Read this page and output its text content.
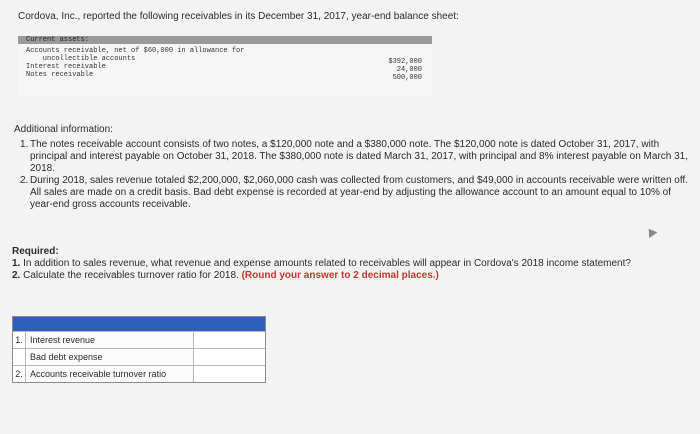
Cordova, Inc., reported the following receivables in its December 31, 2017, year-end balance sheet:
Current assets:
Accounts receivable, net of $60,000 in allowance for
uncollectible accounts
Interest receivable
Notes receivable
$392,000
24,000
500,000
Additional information:
1. The notes receivable account consists of two notes, a $120,000 note and a $380,000 note. The $120,000 note is dated October 31, 2017, with principal and interest payable on October 31, 2018. The $380,000 note is dated March 31, 2017, with principal and 8% interest payable on March 31, 2018.
2. During 2018, sales revenue totaled $2,200,000, $2,060,000 cash was collected from customers, and $49,000 in accounts receivable were written off. All sales are made on a credit basis. Bad debt expense is recorded at year-end by adjusting the allowance account to an amount equal to 10% of year-end gross accounts receivable.
Required:
1. In addition to sales revenue, what revenue and expense amounts related to receivables will appear in Cordova's 2018 income statement?
2. Calculate the receivables turnover ratio for 2018. (Round your answer to 2 decimal places.)
1. Interest revenue
Bad debt expense
2. Accounts receivable turnover ratio
